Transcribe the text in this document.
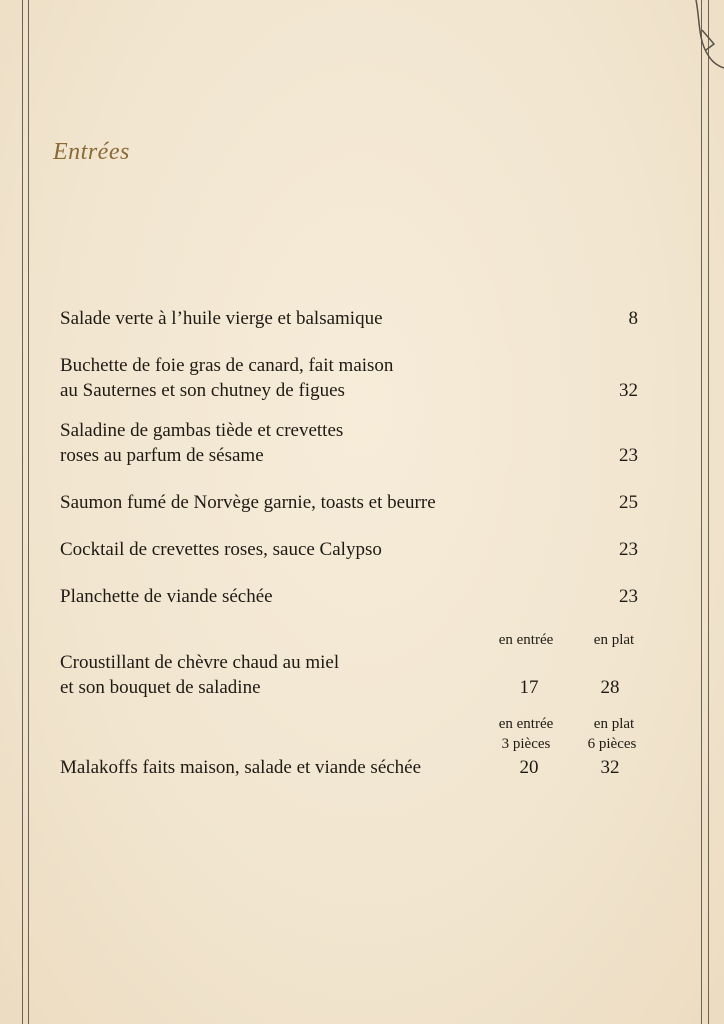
Entrées
Salade verte à l’huile vierge et balsamique	8
Buchette de foie gras de canard, fait maison
au Sauternes et son chutney de figues	32
Saladine de gambas tiède et crevettes
roses au parfum de sésame	23
Saumon fumé de Norvège garnie, toasts et beurre	25
Cocktail de crevettes roses, sauce Calypso	23
Planchette de viande séchée	23
en entrée	en plat
Croustillant de chèvre chaud au miel
et son bouquet de saladine	17	28
en entrée	en plat
3 pièces	6 pièces
Malakoffs faits maison, salade et viande séchée	20	32
